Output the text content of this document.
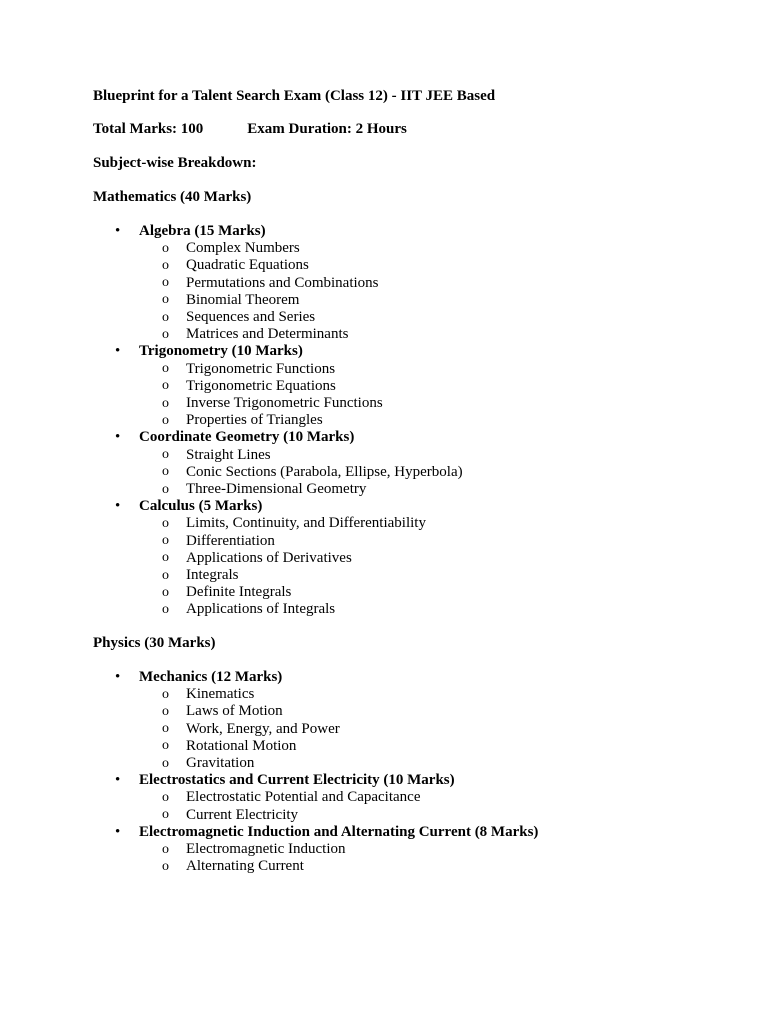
Blueprint for a Talent Search Exam (Class 12) - IIT JEE Based
Total Marks: 100	Exam Duration: 2 Hours
Subject-wise Breakdown:
Mathematics (40 Marks)
• Algebra (15 Marks)
o Complex Numbers
o Quadratic Equations
o Permutations and Combinations
o Binomial Theorem
o Sequences and Series
o Matrices and Determinants
• Trigonometry (10 Marks)
o Trigonometric Functions
o Trigonometric Equations
o Inverse Trigonometric Functions
o Properties of Triangles
• Coordinate Geometry (10 Marks)
o Straight Lines
o Conic Sections (Parabola, Ellipse, Hyperbola)
o Three-Dimensional Geometry
• Calculus (5 Marks)
o Limits, Continuity, and Differentiability
o Differentiation
o Applications of Derivatives
o Integrals
o Definite Integrals
o Applications of Integrals
Physics (30 Marks)
• Mechanics (12 Marks)
o Kinematics
o Laws of Motion
o Work, Energy, and Power
o Rotational Motion
o Gravitation
• Electrostatics and Current Electricity (10 Marks)
o Electrostatic Potential and Capacitance
o Current Electricity
• Electromagnetic Induction and Alternating Current (8 Marks)
o Electromagnetic Induction
o Alternating Current
